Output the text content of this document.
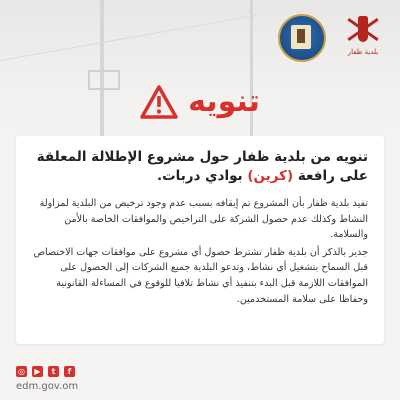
بلدية ظفار
تنويه
تنويه من بلدية ظفار حول مشروع الإطلالة المعلقة على رافعة (كرين) بوادي دربات.

تفيد بلدية ظفار بأن المشروع تم إيقافه بسبب عدم وجود ترخيص من البلدية لمزاولة النشاط وكذلك عدم حصول الشركة على التراخيص والموافقات الخاصة بالأمن والسلامة.

جدير بالذكر أن بلدية ظفار تشترط حصول أي مشروع على موافقات جهات الاختصاص قبل السماح بتشغيل أي نشاط، وتدعو البلدية جميع الشركات إلى الحصول على الموافقات اللازمة قبل البدء بتنفيذ أي نشاط تلافيا للوقوع في المساءلة القانونية وحفاظا على سلامة المستخدمين.

◎	▶	t	f
edm.gov.om
